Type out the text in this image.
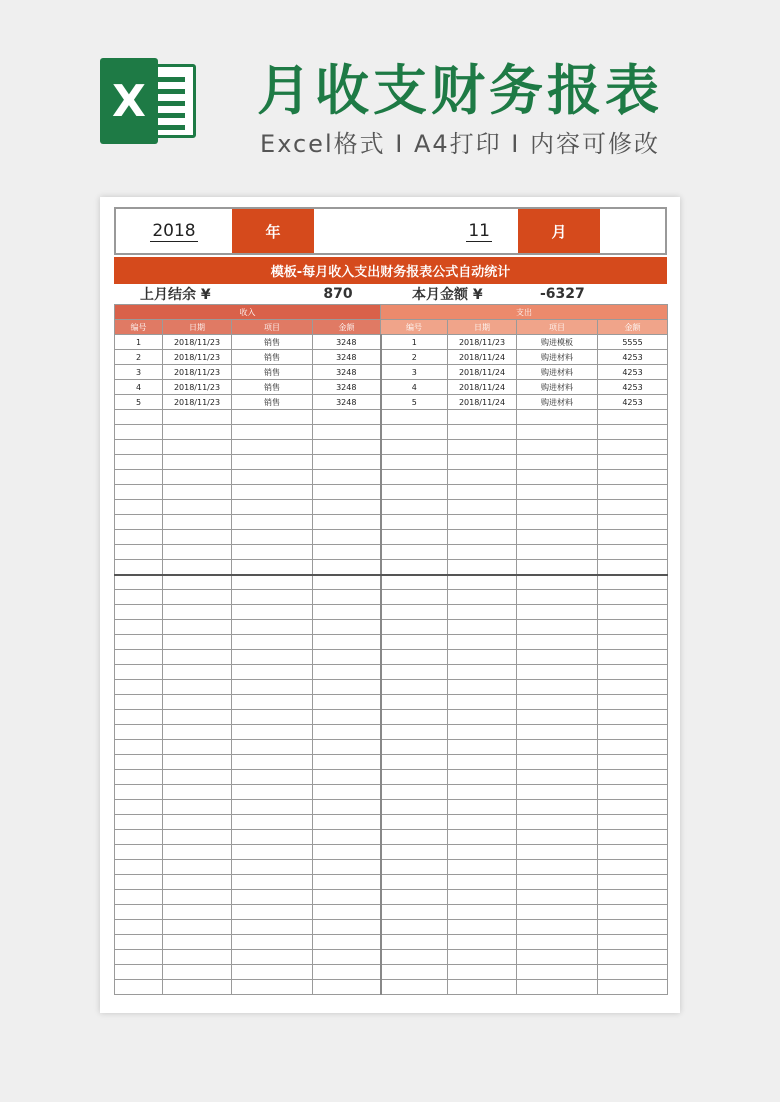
X	月收支财务报表
Excel格式 I A4打印 I 内容可修改
2018	年	11	月
模板-每月收入支出财务报表公式自动统计
上月结余 ¥	870	本月金额 ¥	-6327
收入				支出			
编号	日期	项目	金额	编号	日期	项目	金额
1	2018/11/23	销售	3248	1	2018/11/23	购进模板	5555
2	2018/11/23	销售	3248	2	2018/11/24	购进材料	4253
3	2018/11/23	销售	3248	3	2018/11/24	购进材料	4253
4	2018/11/23	销售	3248	4	2018/11/24	购进材料	4253
5	2018/11/23	销售	3248	5	2018/11/24	购进材料	4253
